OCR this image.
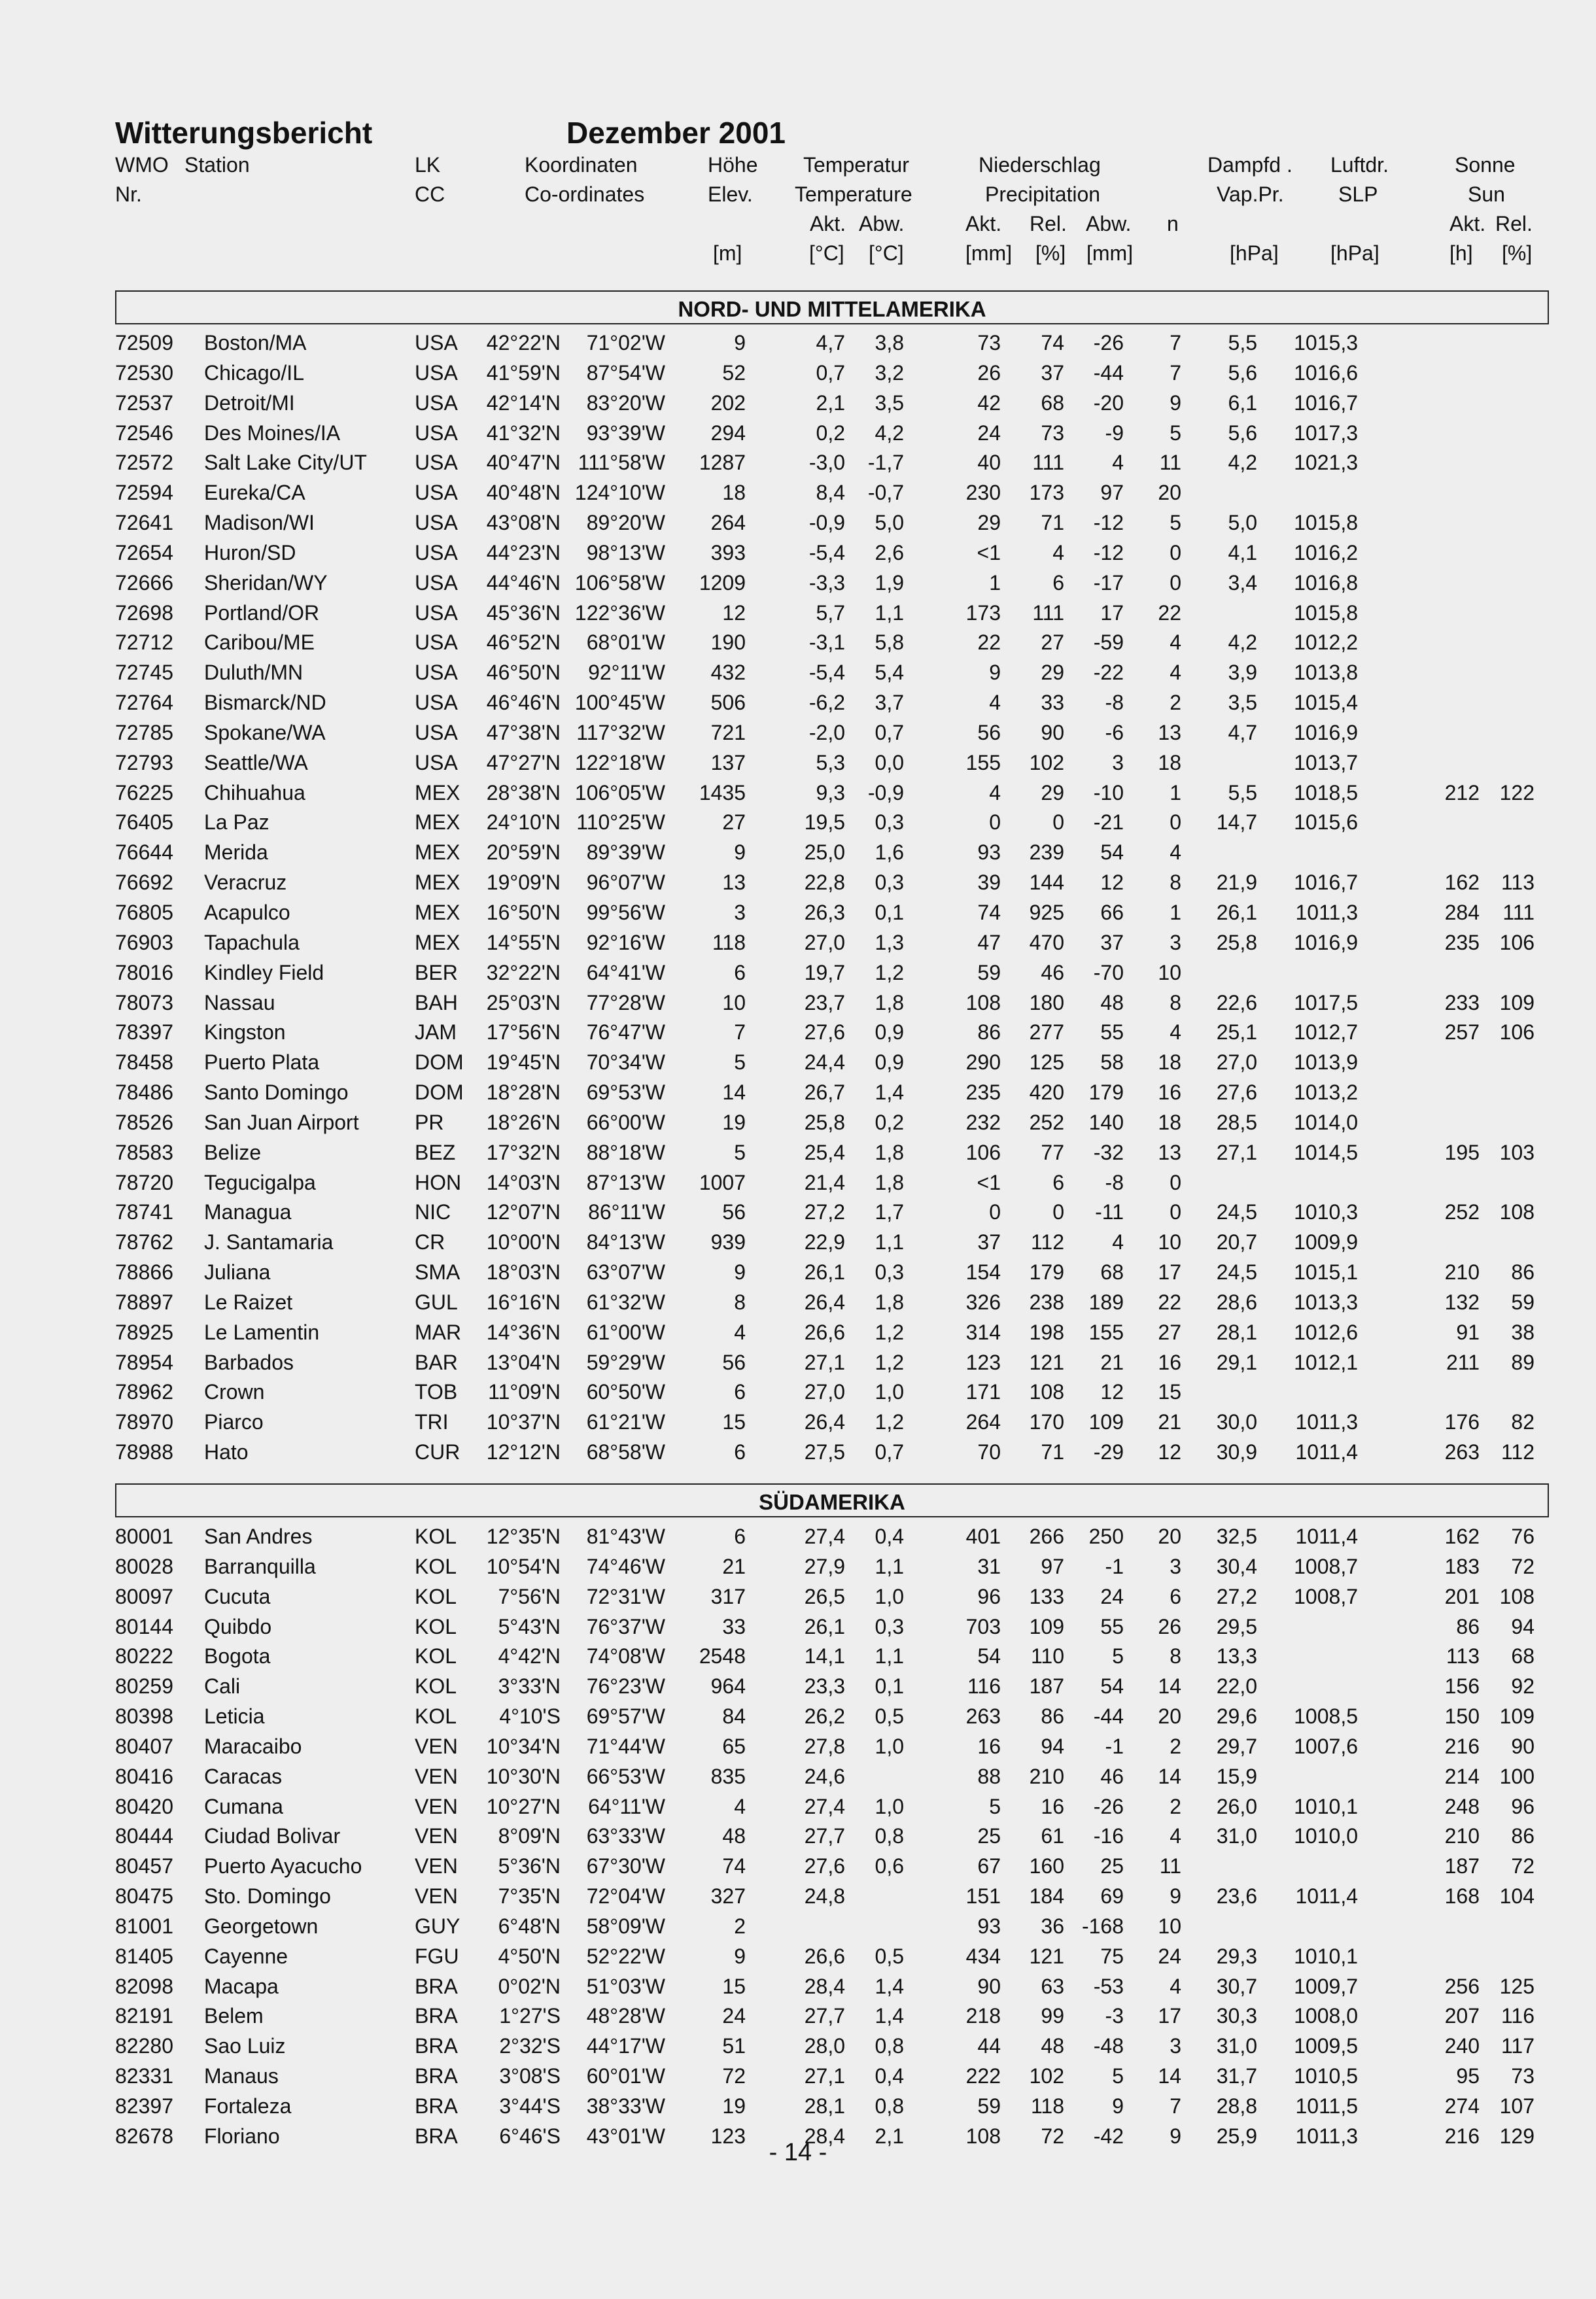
Witterungsbericht	Dezember 2001
WMO Station	LK	Koordinaten	Höhe Temperatur	Niederschlag	Dampfd . Luftdr.	Sonne
Nr.	CC	Co-ordinates	Elev. Temperature	Precipitation	Vap.Pr.	SLP	Sun
Akt. Abw.	Akt. Rel. Abw. n	Akt. Rel.
[m]	[°C] [°C]	[mm] [%] [mm]	[hPa] [hPa]	[h] [%]
NORD- UND MITTELAMERIKA
72509 Boston/MA	USA 42°22'N 71°02'W	9	4,7 3,8	73 74 -26 7 5,5 1015,3
72530 Chicago/IL	USA 41°59'N 87°54'W	52	0,7 3,2	26 37 -44 7 5,6 1016,6
72537 Detroit/MI	USA 42°14'N 83°20'W 202	2,1 3,5	42 68 -20 9 6,1 1016,7
72546 Des Moines/IA	USA 41°32'N 93°39'W 294	0,2 4,2	24 73 -9 5 5,6 1017,3
72572 Salt Lake City/UT USA 40°47'N 111°58'W 1287	-3,0 -1,7	40 111 4 11 4,2 1021,3
72594 Eureka/CA	USA 40°48'N 124°10'W	18	8,4 -0,7	230 173 97 20
72641 Madison/WI	USA 43°08'N 89°20'W 264	-0,9 5,0	29 71 -12 5 5,0 1015,8
72654 Huron/SD	USA 44°23'N 98°13'W 393	-5,4 2,6	<1 4 -12 0 4,1 1016,2
72666 Sheridan/WY	USA 44°46'N 106°58'W 1209	-3,3 1,9	1 6 -17 0 3,4 1016,8
72698 Portland/OR	USA 45°36'N 122°36'W	12	5,7 1,1	173 111 17 22	1015,8
72712 Caribou/ME	USA 46°52'N 68°01'W 190	-3,1 5,8	22 27 -59 4 4,2 1012,2
72745 Duluth/MN	USA 46°50'N 92°11'W 432	-5,4 5,4	9 29 -22 4 3,9 1013,8
72764 Bismarck/ND	USA 46°46'N 100°45'W 506	-6,2 3,7	4 33 -8 2 3,5 1015,4
72785 Spokane/WA	USA 47°38'N 117°32'W 721	-2,0 0,7	56 90 -6 13 4,7 1016,9
72793 Seattle/WA	USA 47°27'N 122°18'W 137	5,3 0,0	155 102 3 18	1013,7
76225 Chihuahua	MEX 28°38'N 106°05'W 1435	9,3 -0,9	4 29 -10 1 5,5 1018,5	212 122
76405 La Paz	MEX 24°10'N 110°25'W	27	19,5 0,3	0 0 -21 0 14,7 1015,6
76644 Merida	MEX 20°59'N 89°39'W	9	25,0 1,6	93 239 54 4
76692 Veracruz	MEX 19°09'N 96°07'W	13	22,8 0,3	39 144 12 8 21,9 1016,7	162 113
76805 Acapulco	MEX 16°50'N 99°56'W	3	26,3 0,1	74 925 66 1 26,1 1011,3	284 111
76903 Tapachula	MEX 14°55'N 92°16'W 118	27,0 1,3	47 470 37 3 25,8 1016,9	235 106
78016 Kindley Field	BER 32°22'N 64°41'W	6	19,7 1,2	59 46 -70 10
78073 Nassau	BAH 25°03'N 77°28'W	10	23,7 1,8	108 180 48 8 22,6 1017,5	233 109
78397 Kingston	JAM 17°56'N 76°47'W	7	27,6 0,9	86 277 55 4 25,1 1012,7	257 106
78458 Puerto Plata	DOM 19°45'N 70°34'W	5	24,4 0,9	290 125 58 18 27,0 1013,9
78486 Santo Domingo	DOM 18°28'N 69°53'W	14	26,7 1,4	235 420 179 16 27,6 1013,2
78526 San Juan Airport	PR 18°26'N 66°00'W	19	25,8 0,2	232 252 140 18 28,5 1014,0
78583 Belize	BEZ 17°32'N 88°18'W	5	25,4 1,8	106 77 -32 13 27,1 1014,5	195 103
78720 Tegucigalpa	HON 14°03'N 87°13'W 1007	21,4 1,8	<1 6 -8 0
78741 Managua	NIC 12°07'N 86°11'W	56	27,2 1,7	0 0 -11 0 24,5 1010,3	252 108
78762 J. Santamaria	CR 10°00'N 84°13'W 939	22,9 1,1	37 112 4 10 20,7 1009,9
78866 Juliana	SMA 18°03'N 63°07'W	9	26,1 0,3	154 179 68 17 24,5 1015,1	210 86
78897 Le Raizet	GUL 16°16'N 61°32'W	8	26,4 1,8	326 238 189 22 28,6 1013,3	132 59
78925 Le Lamentin	MAR 14°36'N 61°00'W	4	26,6 1,2	314 198 155 27 28,1 1012,6	91 38
78954 Barbados	BAR 13°04'N 59°29'W	56	27,1 1,2	123 121 21 16 29,1 1012,1	211 89
78962 Crown	TOB 11°09'N 60°50'W	6	27,0 1,0	171 108 12 15
78970 Piarco	TRI 10°37'N 61°21'W	15	26,4 1,2	264 170 109 21 30,0 1011,3	176 82
78988 Hato	CUR 12°12'N 68°58'W	6	27,5 0,7	70 71 -29 12 30,9 1011,4	263 112
SÜDAMERIKA
80001 San Andres	KOL 12°35'N 81°43'W	6	27,4 0,4	401 266 250 20 32,5 1011,4	162 76
80028 Barranquilla	KOL 10°54'N 74°46'W	21	27,9 1,1	31 97 -1 3 30,4 1008,7	183 72
80097 Cucuta	KOL 7°56'N 72°31'W 317	26,5 1,0	96 133 24 6 27,2 1008,7	201 108
80144 Quibdo	KOL 5°43'N 76°37'W	33	26,1 0,3	703 109 55 26 29,5	86 94
80222 Bogota	KOL 4°42'N 74°08'W 2548	14,1 1,1	54 110 5 8 13,3	113 68
80259 Cali	KOL 3°33'N 76°23'W 964	23,3 0,1	116 187 54 14 22,0	156 92
80398 Leticia	KOL 4°10'S 69°57'W	84	26,2 0,5	263 86 -44 20 29,6 1008,5	150 109
80407 Maracaibo	VEN 10°34'N 71°44'W	65	27,8 1,0	16 94 -1 2 29,7 1007,6	216 90
80416 Caracas	VEN 10°30'N 66°53'W 835	24,6	88 210 46 14 15,9	214 100
80420 Cumana	VEN 10°27'N 64°11'W	4	27,4 1,0	5 16 -26 2 26,0 1010,1	248 96
80444 Ciudad Bolivar	VEN 8°09'N 63°33'W	48	27,7 0,8	25 61 -16 4 31,0 1010,0	210 86
80457 Puerto Ayacucho	VEN 5°36'N 67°30'W	74	27,6 0,6	67 160 25 11	187 72
80475 Sto. Domingo	VEN 7°35'N 72°04'W 327	24,8	151 184 69 9 23,6 1011,4	168 104
81001 Georgetown	GUY 6°48'N 58°09'W	2	93 36 -168 10
81405 Cayenne	FGU 4°50'N 52°22'W	9	26,6 0,5	434 121 75 24 29,3 1010,1
82098 Macapa	BRA 0°02'N 51°03'W	15	28,4 1,4	90 63 -53 4 30,7 1009,7	256 125
82191 Belem	BRA 1°27'S 48°28'W	24	27,7 1,4	218 99 -3 17 30,3 1008,0	207 116
82280 Sao Luiz	BRA 2°32'S 44°17'W	51	28,0 0,8	44 48 -48 3 31,0 1009,5	240 117
82331 Manaus	BRA 3°08'S 60°01'W	72	27,1 0,4	222 102 5 14 31,7 1010,5	95 73
82397 Fortaleza	BRA 3°44'S 38°33'W	19	28,1 0,8	59 118 9 7 28,8 1011,5	274 107
82678 Floriano	BRA 6°46'S 43°01'W 123	28,4 2,1	108 72 -42 9 25,9 1011,3	216 129
- 14 -
